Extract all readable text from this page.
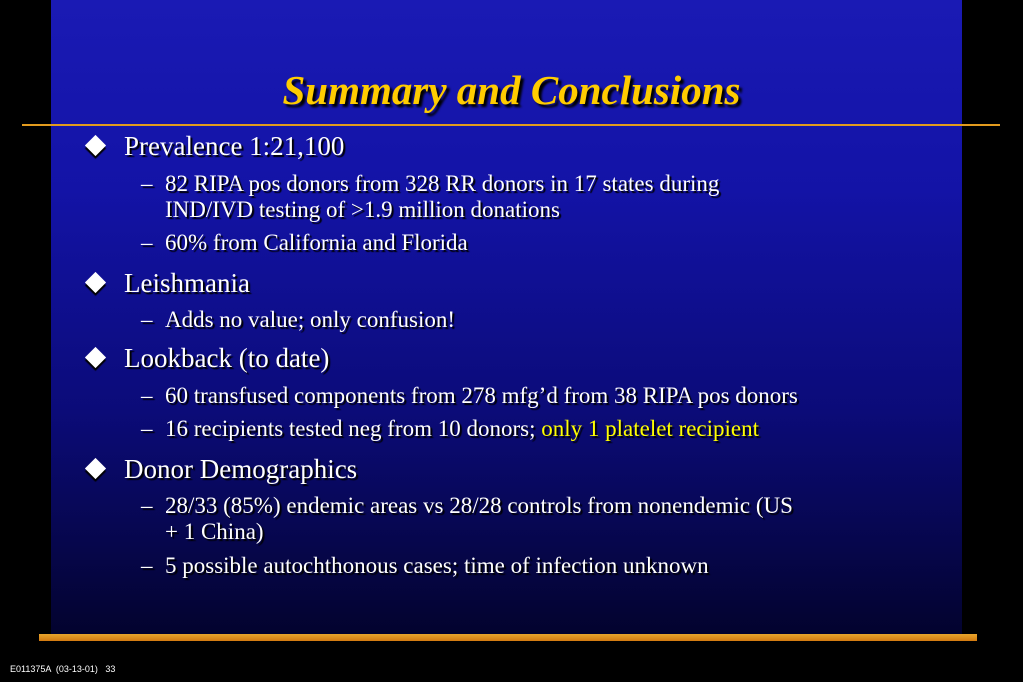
Summary and Conclusions
Prevalence 1:21,100
– 82 RIPA pos donors from 328 RR donors in 17 states during
IND/IVD testing of >1.9 million donations
– 60% from California and Florida
Leishmania
– Adds no value; only confusion!
Lookback (to date)
– 60 transfused components from 278 mfg’d from 38 RIPA pos donors
– 16 recipients tested neg from 10 donors; only 1 platelet recipient
Donor Demographics
– 28/33 (85%) endemic areas vs 28/28 controls from nonendemic (US
+ 1 China)
– 5 possible autochthonous cases; time of infection unknown
E011375A  (03-13-01)   33
